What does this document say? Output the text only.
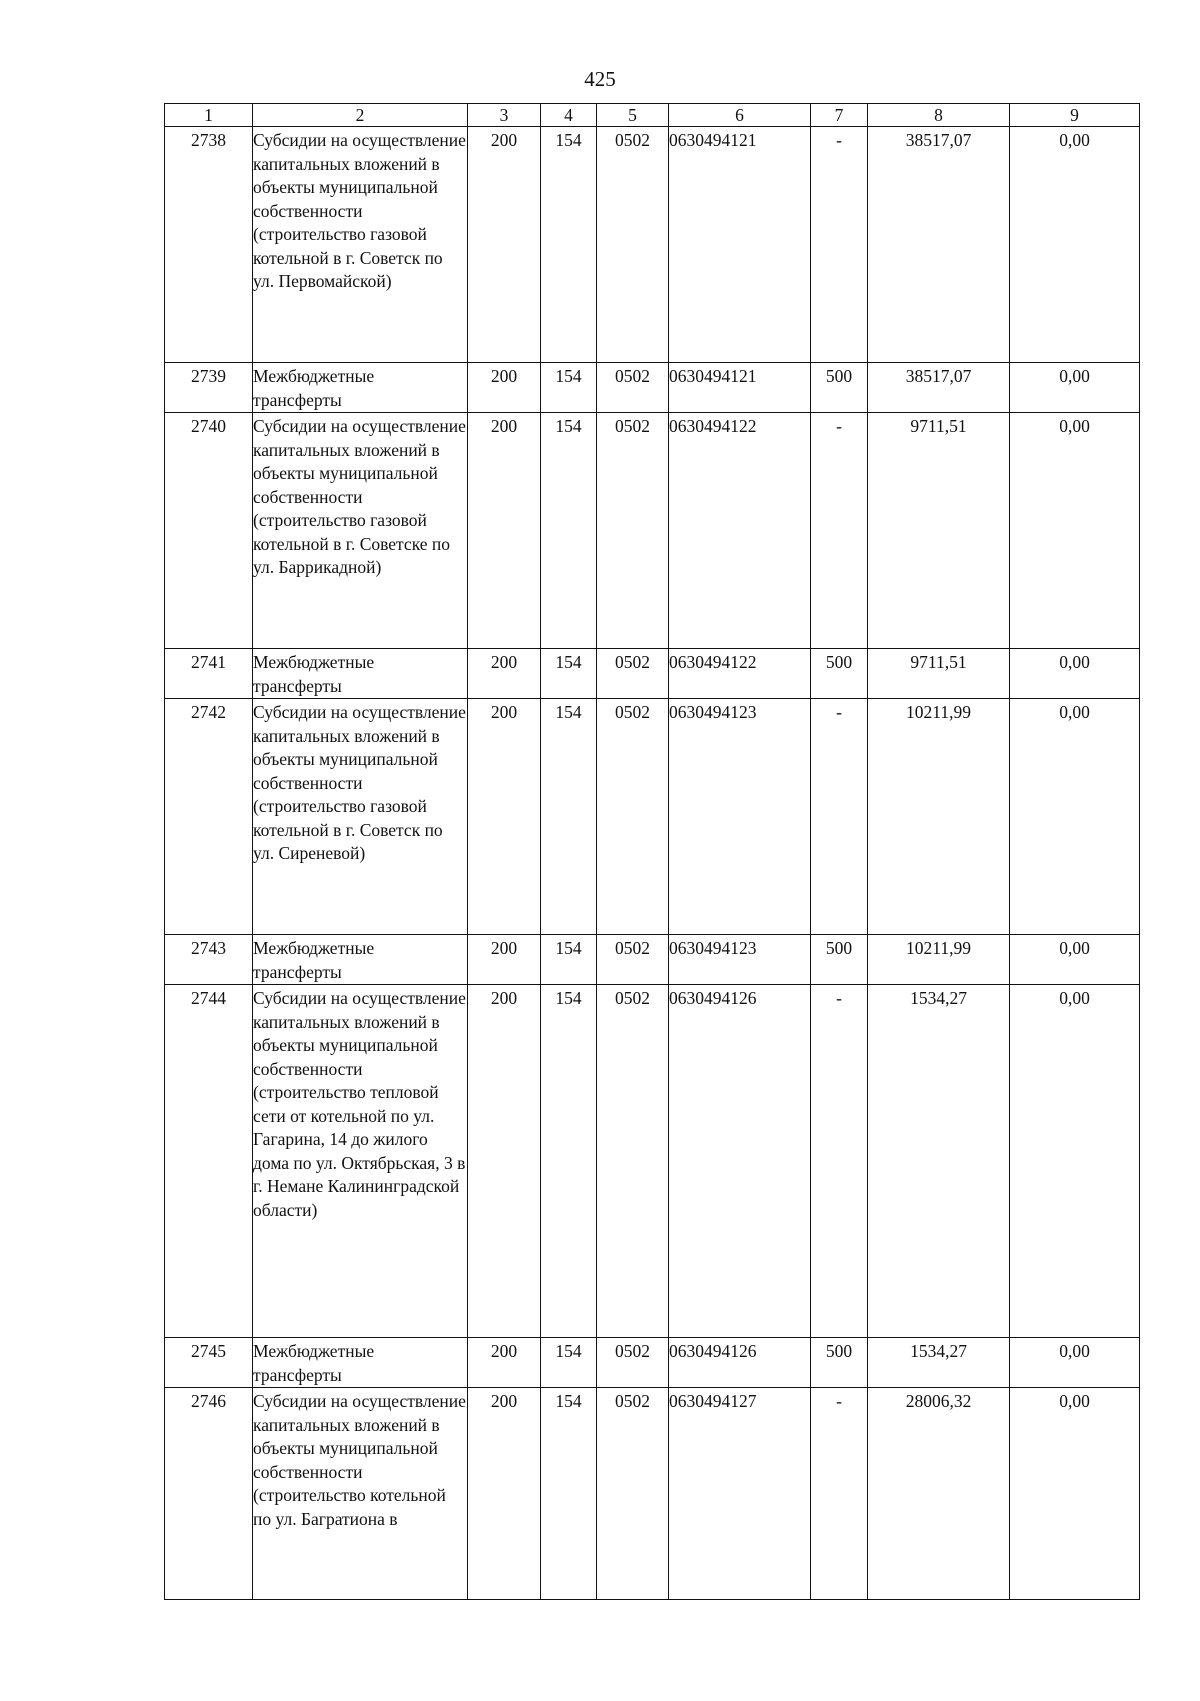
425
1	2	3	4	5	6	7	8	9
2738	Субсидии на осуществление капитальных вложений в объекты муниципальной собственности (строительство газовой котельной в г. Советск по ул. Первомайской)	200	154	0502	0630494121	-	38517,07	0,00
2739	Межбюджетные трансферты	200	154	0502	0630494121	500	38517,07	0,00
2740	Субсидии на осуществление капитальных вложений в объекты муниципальной собственности (строительство газовой котельной в г. Советске по ул. Баррикадной)	200	154	0502	0630494122	-	9711,51	0,00
2741	Межбюджетные трансферты	200	154	0502	0630494122	500	9711,51	0,00
2742	Субсидии на осуществление капитальных вложений в объекты муниципальной собственности (строительство газовой котельной в г. Советск по ул. Сиреневой)	200	154	0502	0630494123	-	10211,99	0,00
2743	Межбюджетные трансферты	200	154	0502	0630494123	500	10211,99	0,00
2744	Субсидии на осуществление капитальных вложений в объекты муниципальной собственности (строительство тепловой сети от котельной по ул. Гагарина, 14 до жилого дома по ул. Октябрьская, 3 в г. Немане Калининградской области)	200	154	0502	0630494126	-	1534,27	0,00
2745	Межбюджетные трансферты	200	154	0502	0630494126	500	1534,27	0,00
2746	Субсидии на осуществление капитальных вложений в объекты муниципальной собственности (строительство котельной по ул. Багратиона в	200	154	0502	0630494127	-	28006,32	0,00
